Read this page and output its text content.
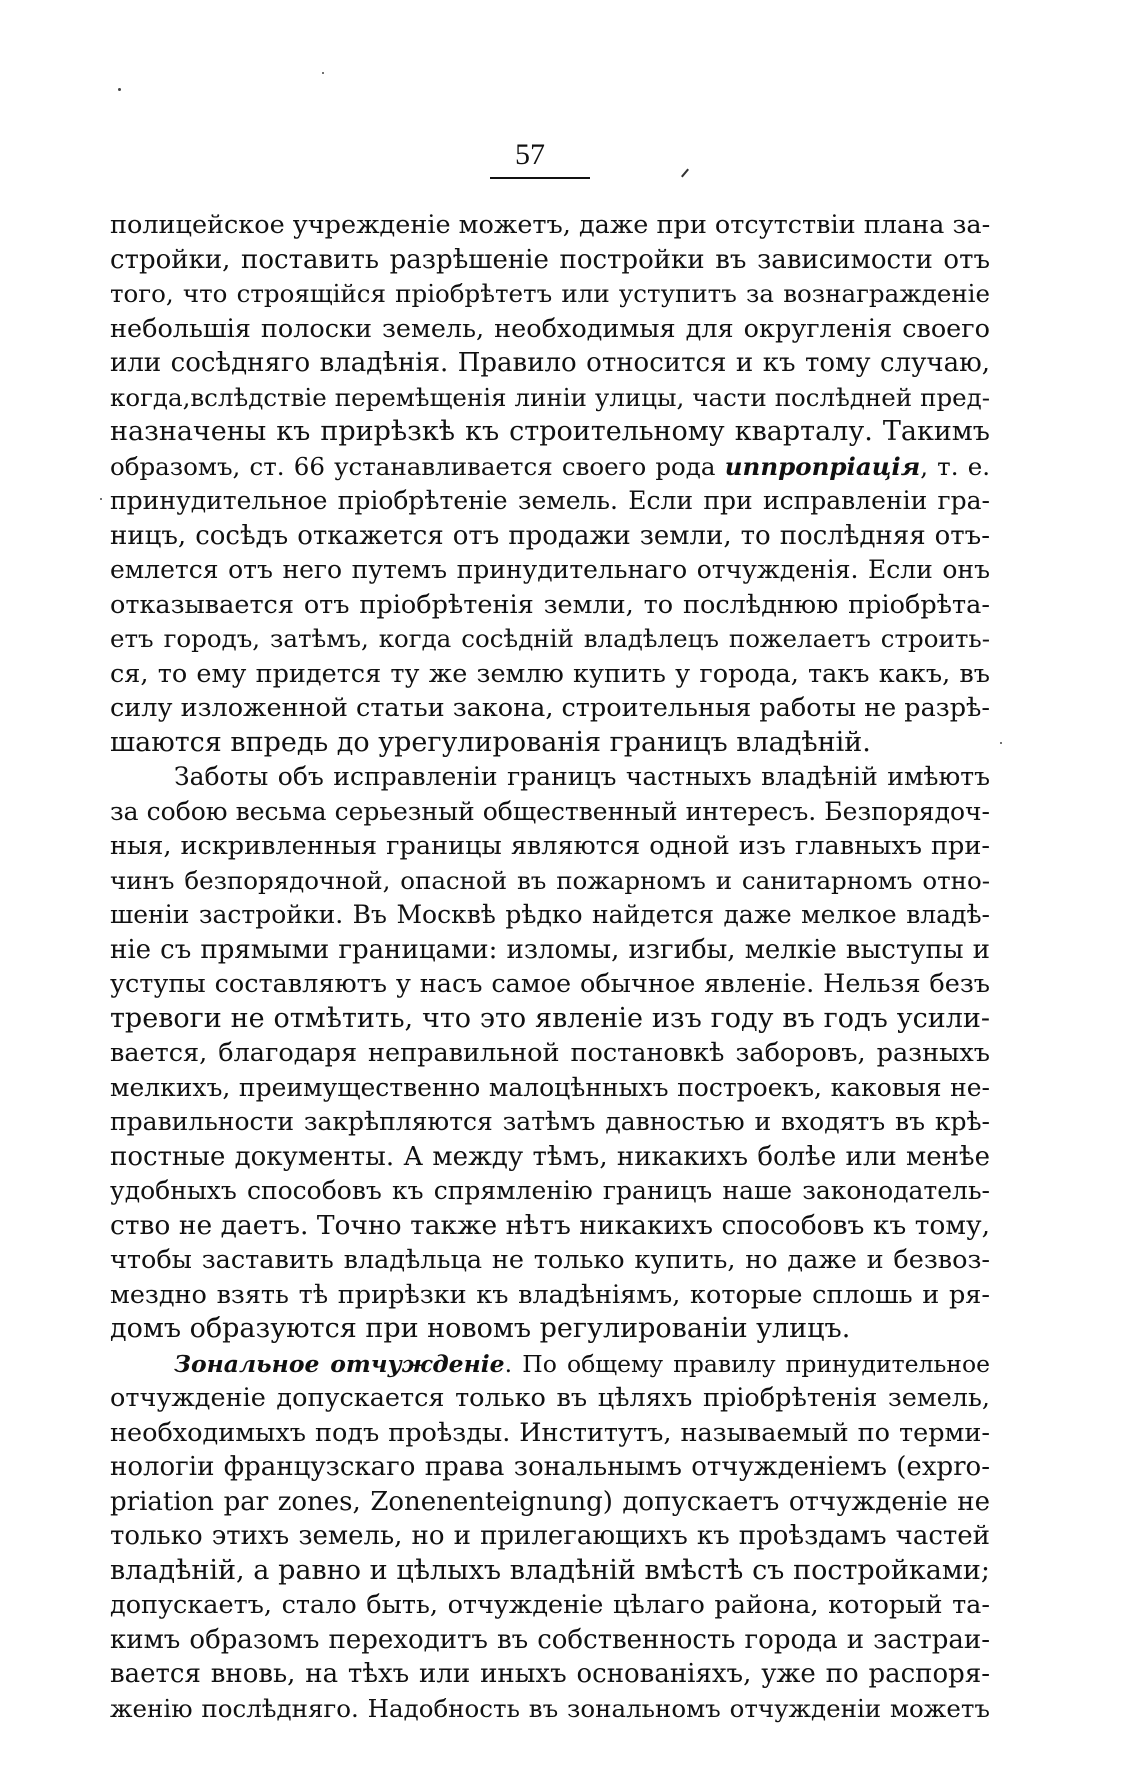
57
полицейское учрежденіе можетъ, даже при отсутствіи плана за-
стройки, поставить разрѣшеніе постройки въ зависимости отъ
того, что строящійся пріобрѣтетъ или уступитъ за вознагражденіе
небольшія полоски земель, необходимыя для округленія своего
или сосѣдняго владѣнія. Правило относится и къ тому случаю,
когда,вслѣдствіе перемѣщенія линіи улицы, части послѣдней пред-
назначены къ прирѣзкѣ къ строительному кварталу. Такимъ
образомъ, ст. 66 устанавливается своего рода иппропріація, т. е.
принудительное пріобрѣтеніе земель. Если при исправленіи гра-
ницъ, сосѣдъ откажется отъ продажи земли, то послѣдняя отъ-
емлется отъ него путемъ принудительнаго отчужденія. Если онъ
отказывается отъ пріобрѣтенія земли, то послѣднюю пріобрѣта-
етъ городъ, затѣмъ, когда сосѣдній владѣлецъ пожелаетъ строить-
ся, то ему придется ту же землю купить у города, такъ какъ, въ
силу изложенной статьи закона, строительныя работы не разрѣ-
шаются впредь до урегулированія границъ владѣній.
Заботы объ исправленіи границъ частныхъ владѣній имѣютъ
за собою весьма серьезный общественный интересъ. Безпорядоч-
ныя, искривленныя границы являются одной изъ главныхъ при-
чинъ безпорядочной, опасной въ пожарномъ и санитарномъ отно-
шеніи застройки. Въ Москвѣ рѣдко найдется даже мелкое владѣ-
ніе съ прямыми границами: изломы, изгибы, мелкіе выступы и
уступы составляютъ у насъ самое обычное явленіе. Нельзя безъ
тревоги не отмѣтить, что это явленіе изъ году въ годъ усили-
вается, благодаря неправильной постановкѣ заборовъ, разныхъ
мелкихъ, преимущественно малоцѣнныхъ построекъ, каковыя не-
правильности закрѣпляются затѣмъ давностью и входятъ въ крѣ-
постные документы. А между тѣмъ, никакихъ болѣе или менѣе
удобныхъ способовъ къ спрямленію границъ наше законодатель-
ство не даетъ. Точно также нѣтъ никакихъ способовъ къ тому,
чтобы заставить владѣльца не только купить, но даже и безвоз-
мездно взять тѣ прирѣзки къ владѣніямъ, которые сплошь и ря-
домъ образуются при новомъ регулированіи улицъ.
Зональное отчужденіе. По общему правилу принудительное
отчужденіе допускается только въ цѣляхъ пріобрѣтенія земель,
необходимыхъ подъ проѣзды. Институтъ, называемый по терми-
нологіи французскаго права зональнымъ отчужденіемъ (expro-
priation par zones, Zonenenteignung) допускаетъ отчужденіе не
только этихъ земель, но и прилегающихъ къ проѣздамъ частей
владѣній, а равно и цѣлыхъ владѣній вмѣстѣ съ постройками;
допускаетъ, стало быть, отчужденіе цѣлаго района, который та-
кимъ образомъ переходитъ въ собственность города и застраи-
вается вновь, на тѣхъ или иныхъ основаніяхъ, уже по распоря-
женію послѣдняго. Надобность въ зональномъ отчужденіи можетъ
